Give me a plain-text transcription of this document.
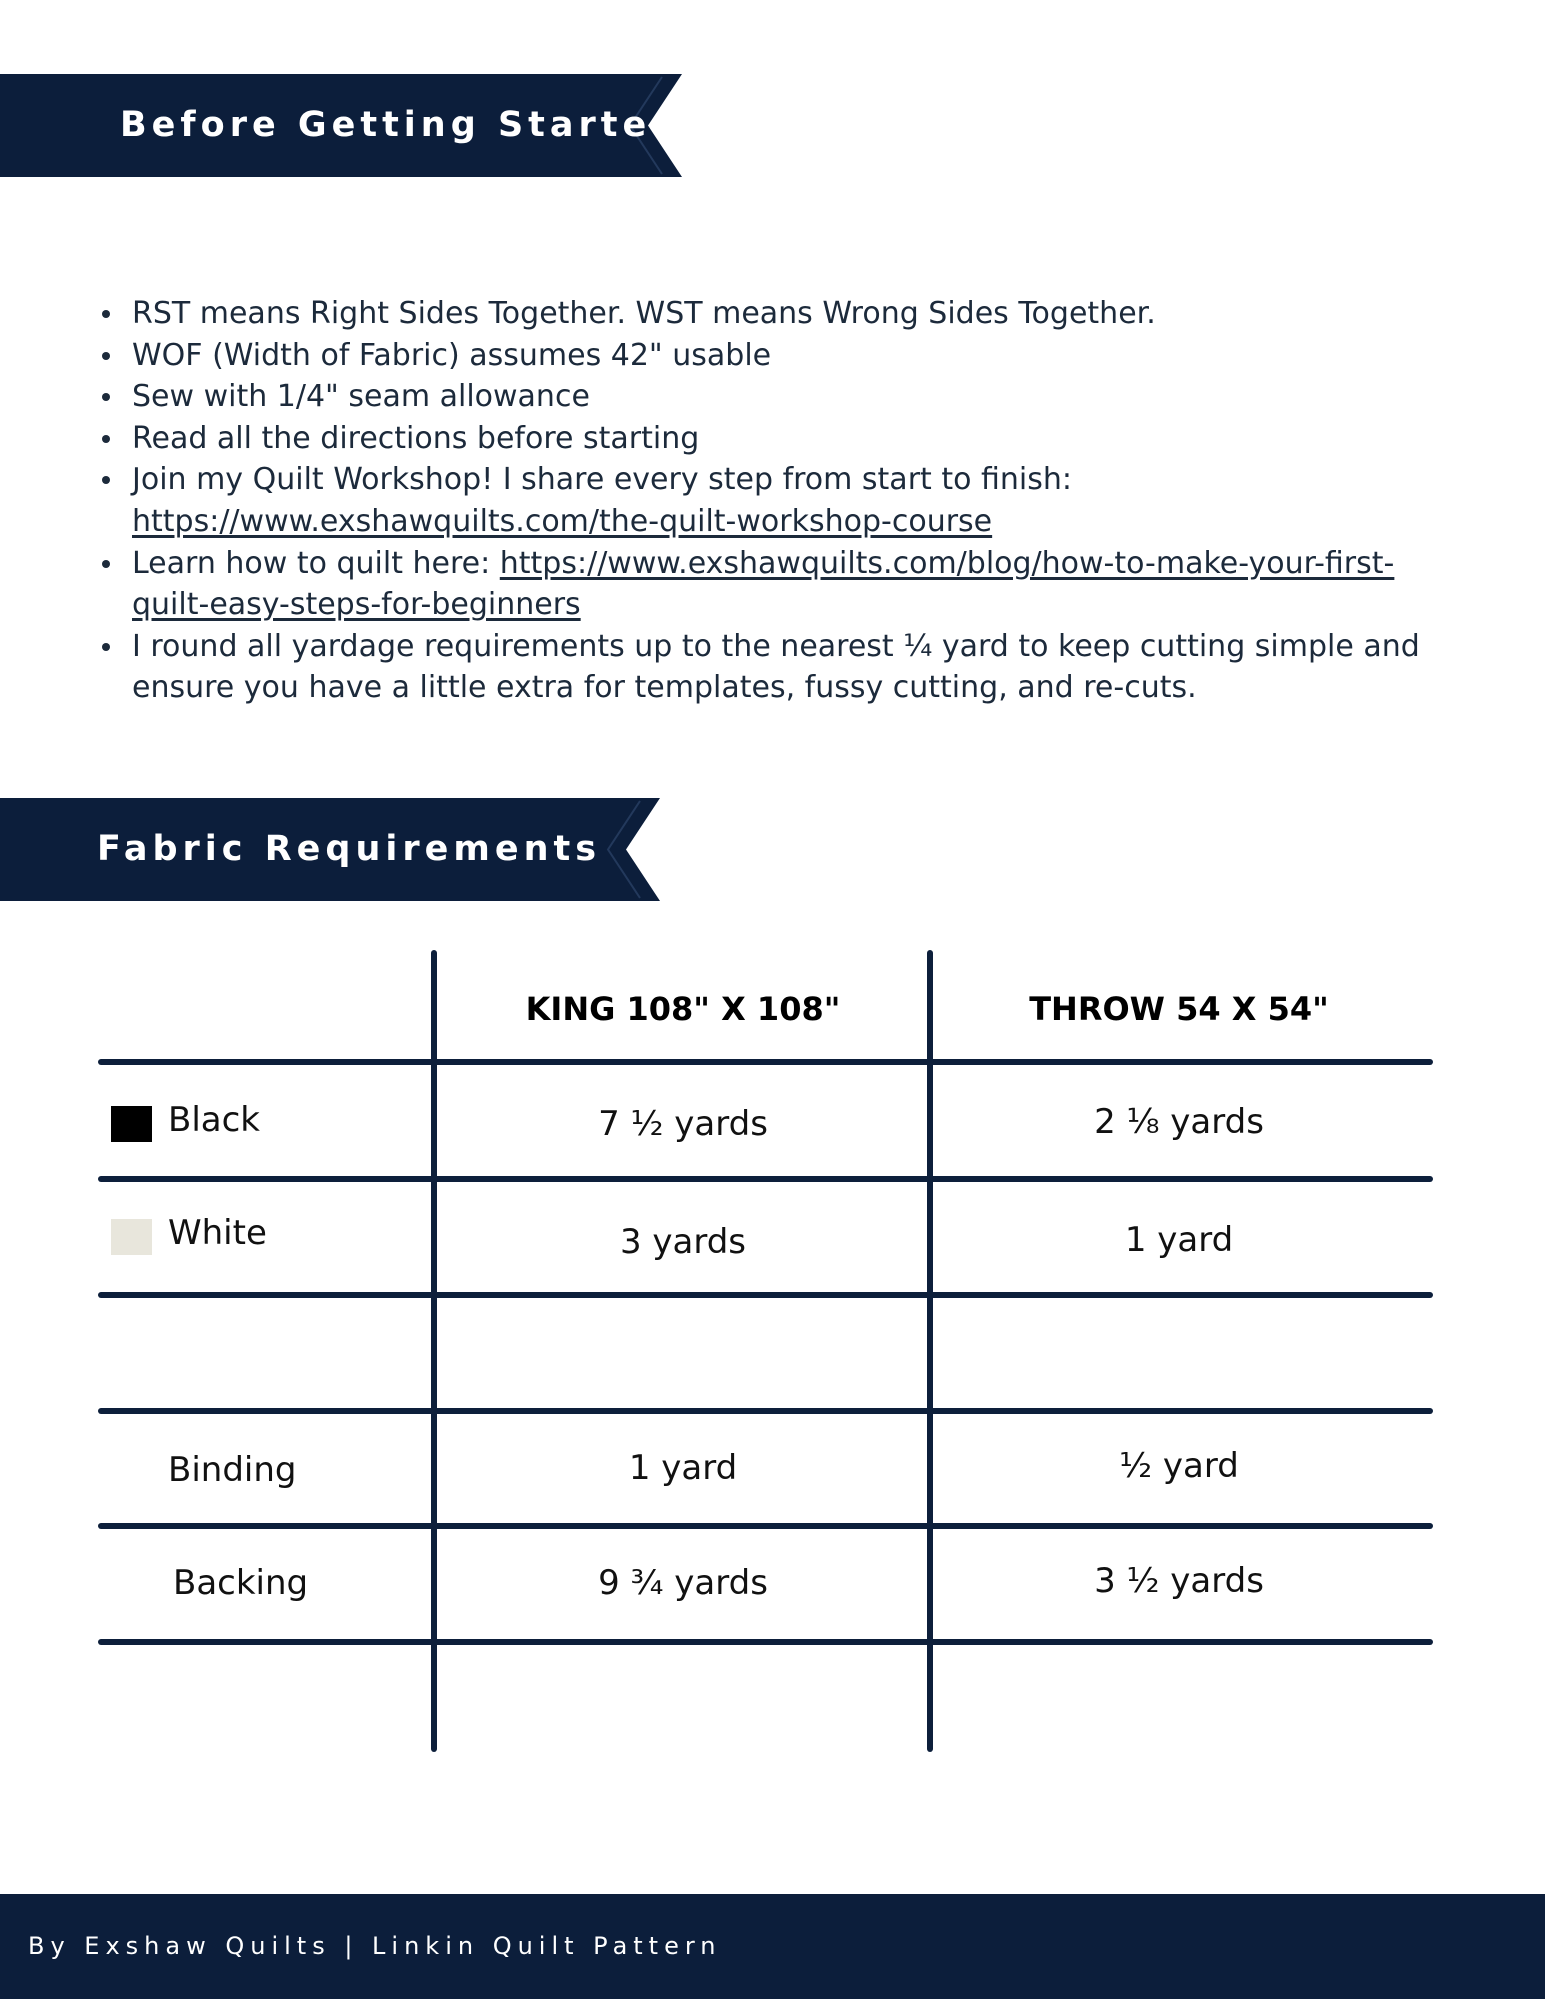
Before Getting Started
RST means Right Sides Together. WST means Wrong Sides Together.
WOF (Width of Fabric) assumes 42" usable
Sew with 1/4" seam allowance
Read all the directions before starting
Join my Quilt Workshop! I share every step from start to finish:
https://www.exshawquilts.com/the-quilt-workshop-course
Learn how to quilt here: https://www.exshawquilts.com/blog/how-to-make-your-first-quilt-easy-steps-for-beginners
I round all yardage requirements up to the nearest ¼ yard to keep cutting simple and ensure you have a little extra for templates, fussy cutting, and re-cuts.
Fabric Requirements
KING 108" X 108"	THROW 54 X 54"
Black	7 ½ yards	2 ⅛ yards
White	3 yards	1 yard
Binding	1 yard	½ yard
Backing	9 ¾ yards	3 ½ yards
By Exshaw Quilts | Linkin Quilt Pattern
